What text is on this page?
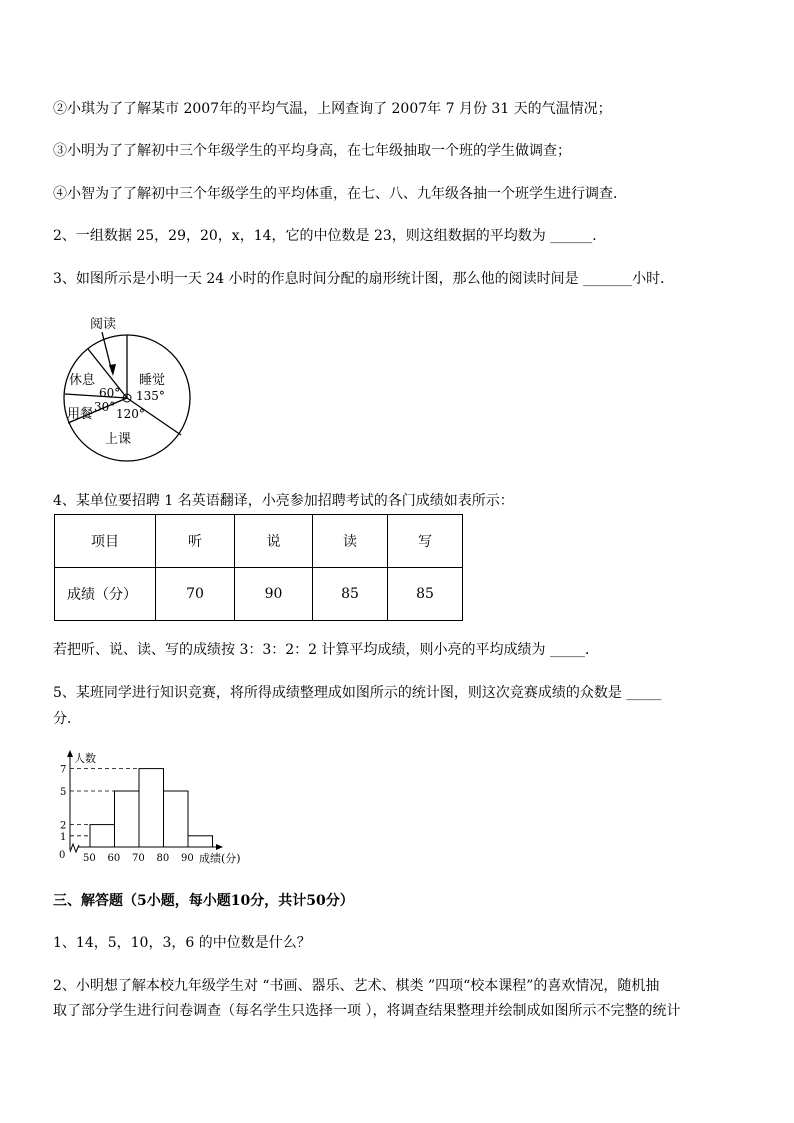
②小琪为了了解某市 2007年的平均气温，上网查询了 2007年 7 月份 31 天的气温情况；
③小明为了了解初中三个年级学生的平均身高，在七年级抽取一个班的学生做调查；
④小智为了了解初中三个年级学生的平均体重，在七、八、九年级各抽一个班学生进行调查．
2、一组数据 25，29，20，x，14，它的中位数是 23，则这组数据的平均数为 ______．
3、如图所示是小明一天 24 小时的作息时间分配的扇形统计图，那么他的阅读时间是 _______小时．
阅读
休息	睡觉
用餐
上课
135°
60°
30° 120°
4、某单位要招聘 1 名英语翻译，小亮参加招聘考试的各门成绩如表所示：
项目	听	说	读	写
成绩（分）	70	90	85	85
若把听、说、读、写的成绩按 3：3：2：2 计算平均成绩，则小亮的平均成绩为 _____．
5、某班同学进行知识竞赛，将所得成绩整理成如图所示的统计图，则这次竞赛成绩的众数是 _____
分．
人数
成绩(分)
0
1
2
5
7
50 60 70 80 90
三、解答题（5小题，每小题10分，共计50分）
1、14，5，10，3，6 的中位数是什么？
2、小明想了解本校九年级学生对 “书画、器乐、艺术、棋类 ”四项“校本课程”的喜欢情况，随机抽
取了部分学生进行问卷调查（每名学生只选择一项 ），将调查结果整理并绘制成如图所示不完整的统计
